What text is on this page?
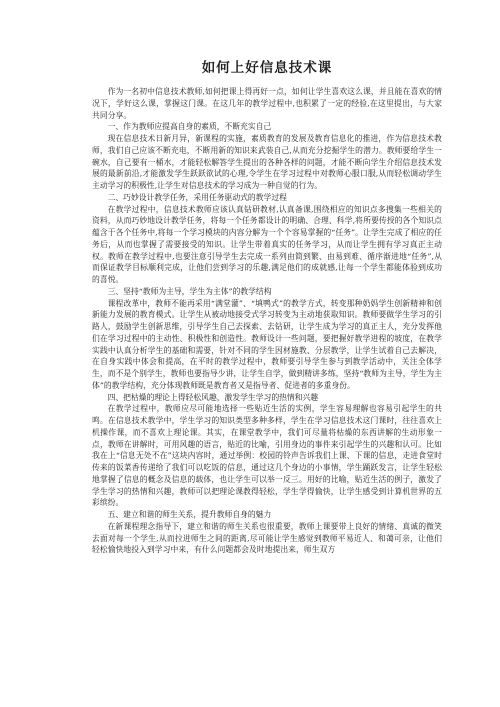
如何上好信息技术课

作为一名初中信息技术教师,如何把课上得再好一点，如何让学生喜欢这么课，并且能在喜欢的情况下，学好这么课，掌握这门课。在这几年的教学过程中,也积累了一定的经验,在这里提出，与大家共同分享。

一、作为教师应提高自身的素质，不断充实自己

现在信息技术日新月异，新课程的实施，素质教育的发展及教育信息化的推进，作为信息技术教师，我们自己应该不断充电，不断用新的知识来武装自己,从而充分挖掘学生的潜力。教师要给学生一碗水，自己要有一桶水，才能轻松解答学生提出的各种各样的问题，才能不断向学生介绍信息技术发展的最新前沿,才能激发学生跃跃欲试的心理,令学生在学习过程中对教师心服口服,从而轻松调动学生主动学习的积极性,让学生对信息技术的学习成为一种自觉的行为。

二、巧妙设计教学任务，采用任务驱动式的教学过程

在教学过程中，信息技术教师应该认真钻研教材,认真备课,围绕相应的知识点多搜集一些相关的资料，从而巧妙地设计教学任务，将每一个任务都设计的明确、合理、科学,将所要传授的各个知识点蕴含于各个任务中,将每一个学习模块的内容分解为一个个容易掌握的“任务”。让学生完成了相应的任务后，从而也掌握了需要接受的知识。让学生带着真实的任务学习，从而让学生拥有学习真正主动权。教师在教学过程中,也要注意引导学生去完成一系列由简到繁、由易到难、循序渐进地“任务”,从而保证教学目标顺利完成，让他们尝到学习的乐趣,满足他们的成就感,让每一个学生都能体验到成功的喜悦。

三、坚持“教师为主导，学生为主体”的教学结构

课程改革中，教师不能再采用“满堂灌”、“填鸭式”的教学方式，转变那种奶妈学生创新精神和创新能力发展的教育模式。让学生从被动地接受式学习转变为主动地获取知识。教师要做学生学习的引路人，鼓励学生创新思维，引导学生自己去探索、去钻研，让学生成为学习的真正主人，充分发挥他们在学习过程中的主动性、积极性和创造性。教师设计一些问题，要把握好教学进程的坡度，在教学实践中认真分析学生的基础和需要，针对不同的学生因材施教、分层教学，让学生试着自己去解决，在自身实践中体会和提高，在平时的教学过程中，教师要引导学生参与到教学活动中，关注全体学生，而不是个别学生，教师也要指导少讲，让学生自学，做到精讲多练，坚持“教师为主导，学生为主体”的教学结构，充分体现教师既是教育者又是指导者、促进者的多重身份。

四、把枯燥的理论上得轻松风趣，激发学生学习的热情和兴趣

在教学过程中，教师应尽可能地选择一些贴近生活的实例，学生容易理解也容易引起学生的共鸣。在信息技术教学中，学生学习的知识类型多种多样，学生在学习信息技术这门课时，往往喜欢上机操作课，而不喜欢上理论课。其实，在课堂教学中，我们可尽量将枯燥的东西讲解的生动形象一点，教师在讲解时，可用风趣的语言，贴近的比喻，引用身边的事件来引起学生的兴趣和认可。比如我在上“信息无处不在”这块内容时，通过举例：校园的铃声告诉我们上课、下课的信息，走进食堂时传来的饭菜香传递给了我们可以吃饭的信息，通过这几个身边的小事情，学生踊跃发言，让学生轻松地掌握了信息的概念及信息的载体，也让学生可以举一反三。用好的比喻，贴近生活的例子，激发了学生学习的热情和兴趣，教师可以把理论课教得轻松，学生学得愉快，让学生感受到计算机世界的五彩缤纷。

五、建立和谐的师生关系，提升教师自身的魅力

在新课程理念指导下，建立和谐的师生关系也很重要，教师上课要带上良好的情绪、真诚的微笑去面对每一个学生,从而拉进师生之间的距离,尽可能让学生感觉到教师平易近人、和蔼可亲，让他们轻松愉快地投入到学习中来，有什么问题都会及时地提出来，师生双方
